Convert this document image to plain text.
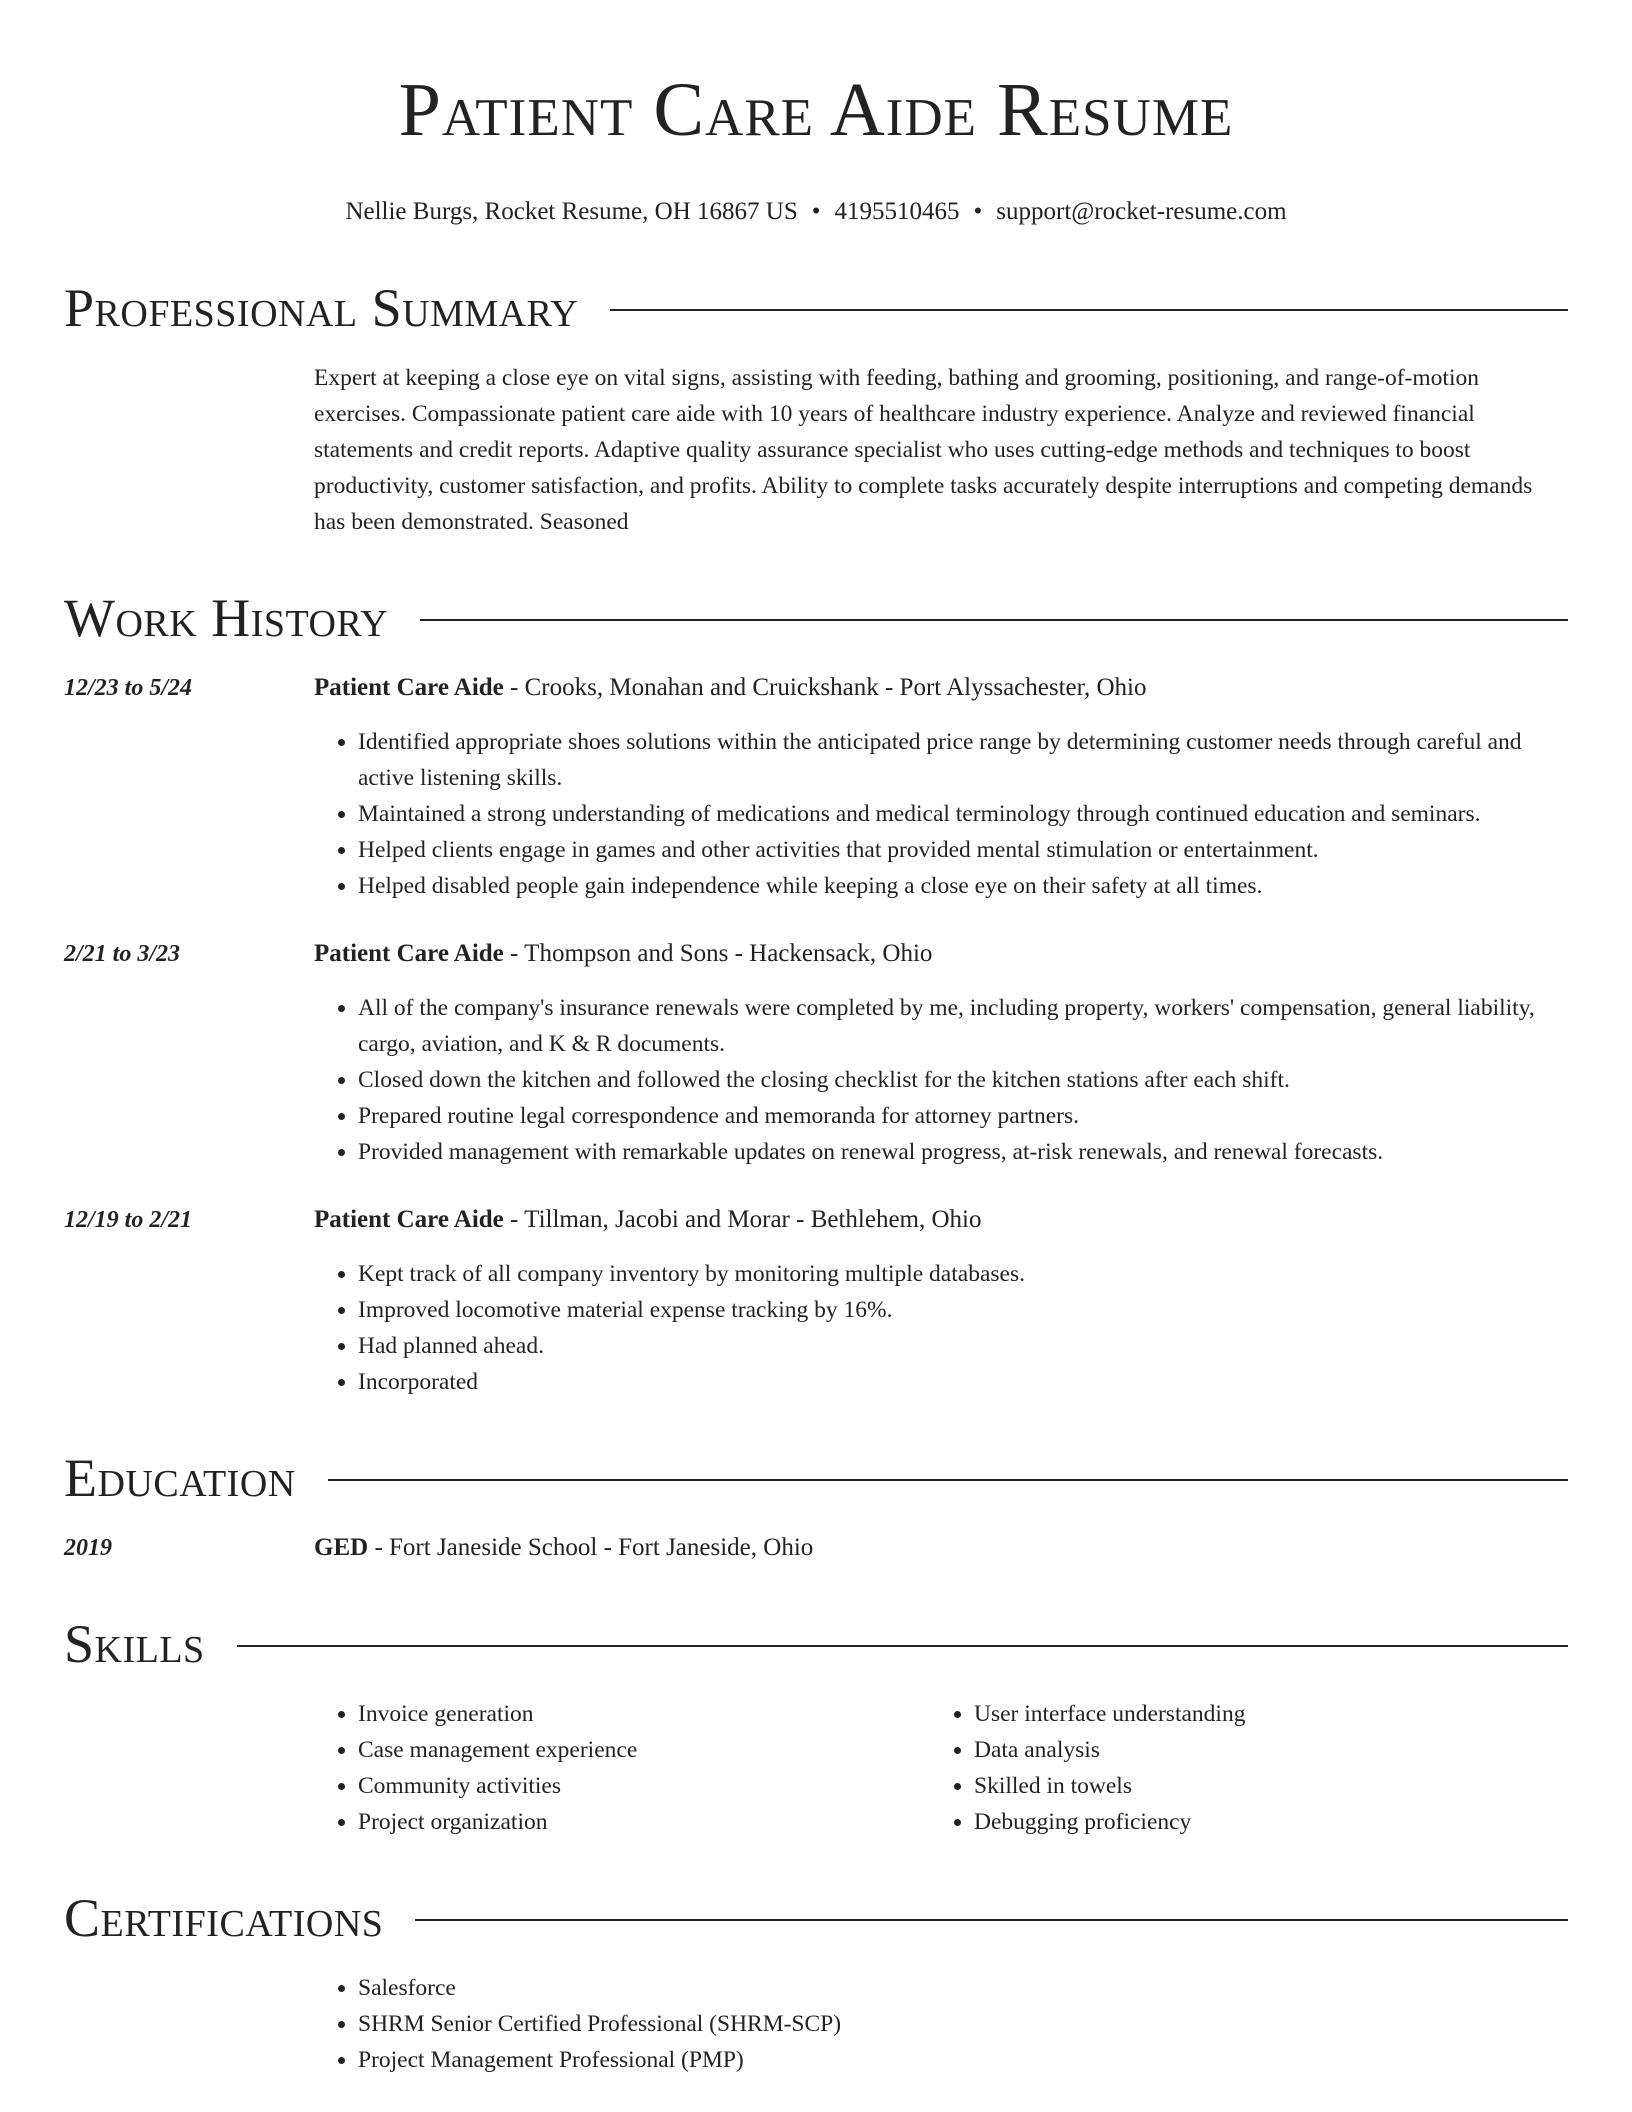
Patient Care Aide Resume
Nellie Burgs, Rocket Resume, OH 16867 US • 4195510465 • support@rocket-resume.com
Professional Summary
Expert at keeping a close eye on vital signs, assisting with feeding, bathing and grooming, positioning, and range-of-motion exercises. Compassionate patient care aide with 10 years of healthcare industry experience. Analyze and reviewed financial statements and credit reports. Adaptive quality assurance specialist who uses cutting-edge methods and techniques to boost productivity, customer satisfaction, and profits. Ability to complete tasks accurately despite interruptions and competing demands has been demonstrated. Seasoned
Work History
12/23 to 5/24	Patient Care Aide - Crooks, Monahan and Cruickshank - Port Alyssachester, Ohio
• Identified appropriate shoes solutions within the anticipated price range by determining customer needs through careful and active listening skills.
• Maintained a strong understanding of medications and medical terminology through continued education and seminars.
• Helped clients engage in games and other activities that provided mental stimulation or entertainment.
• Helped disabled people gain independence while keeping a close eye on their safety at all times.
2/21 to 3/23	Patient Care Aide - Thompson and Sons - Hackensack, Ohio
• All of the company's insurance renewals were completed by me, including property, workers' compensation, general liability, cargo, aviation, and K & R documents.
• Closed down the kitchen and followed the closing checklist for the kitchen stations after each shift.
• Prepared routine legal correspondence and memoranda for attorney partners.
• Provided management with remarkable updates on renewal progress, at-risk renewals, and renewal forecasts.
12/19 to 2/21	Patient Care Aide - Tillman, Jacobi and Morar - Bethlehem, Ohio
• Kept track of all company inventory by monitoring multiple databases.
• Improved locomotive material expense tracking by 16%.
• Had planned ahead.
• Incorporated
Education
2019	GED - Fort Janeside School - Fort Janeside, Ohio
Skills
• Invoice generation
• Case management experience
• Community activities
• Project organization
• User interface understanding
• Data analysis
• Skilled in towels
• Debugging proficiency
Certifications
• Salesforce
• SHRM Senior Certified Professional (SHRM-SCP)
• Project Management Professional (PMP)
